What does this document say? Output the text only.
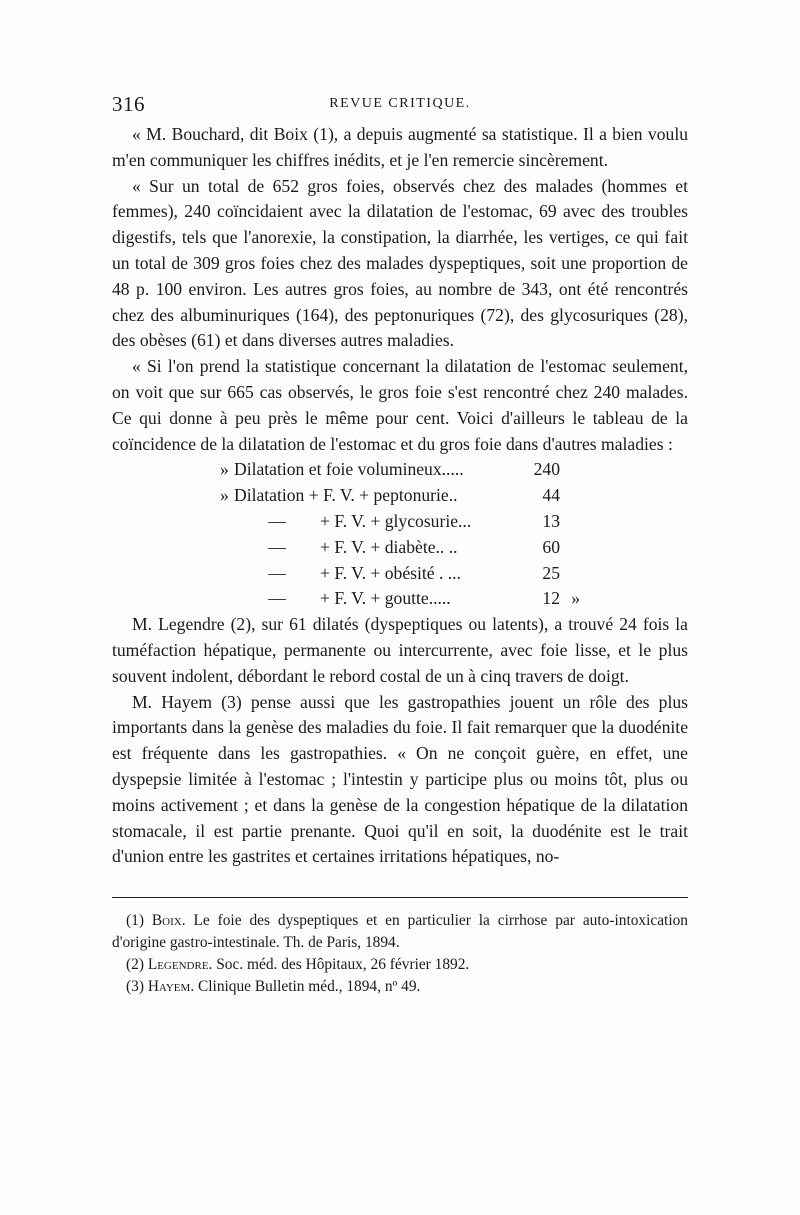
316	REVUE CRITIQUE.

« M. Bouchard, dit Boix (1), a depuis augmenté sa statistique. Il a bien voulu m'en communiquer les chiffres inédits, et je l'en remercie sincèrement.

« Sur un total de 652 gros foies, observés chez des malades (hommes et femmes), 240 coïncidaient avec la dilatation de l'estomac, 69 avec des troubles digestifs, tels que l'anorexie, la constipation, la diarrhée, les vertiges, ce qui fait un total de 309 gros foies chez des malades dyspeptiques, soit une proportion de 48 p. 100 environ. Les autres gros foies, au nombre de 343, ont été rencontrés chez des albuminuriques (164), des peptonuriques (72), des glycosuriques (28), des obèses (61) et dans diverses autres maladies.

« Si l'on prend la statistique concernant la dilatation de l'estomac seulement, on voit que sur 665 cas observés, le gros foie s'est rencontré chez 240 malades. Ce qui donne à peu près le même pour cent. Voici d'ailleurs le tableau de la coïncidence de la dilatation de l'estomac et du gros foie dans d'autres maladies :

» Dilatation et foie volumineux.....	240
» Dilatation + F. V. + peptonurie..	44
—	+ F. V. + glycosurie...	13
—	+ F. V. + diabète.. ..	60
—	+ F. V. + obésité . ...	25
—	+ F. V. + goutte.....	12 »

M. Legendre (2), sur 61 dilatés (dyspeptiques ou latents), a trouvé 24 fois la tuméfaction hépatique, permanente ou intercurrente, avec foie lisse, et le plus souvent indolent, débordant le rebord costal de un à cinq travers de doigt.

M. Hayem (3) pense aussi que les gastropathies jouent un rôle des plus importants dans la genèse des maladies du foie. Il fait remarquer que la duodénite est fréquente dans les gastropathies. « On ne conçoit guère, en effet, une dyspepsie limitée à l'estomac ; l'intestin y participe plus ou moins tôt, plus ou moins activement ; et dans la genèse de la congestion hépatique de la dilatation stomacale, il est partie prenante. Quoi qu'il en soit, la duodénite est le trait d'union entre les gastrites et certaines irritations hépatiques, no-

(1) Boix. Le foie des dyspeptiques et en particulier la cirrhose par auto-intoxication d'origine gastro-intestinale. Th. de Paris, 1894.

(2) Legendre. Soc. méd. des Hôpitaux, 26 février 1892.

(3) Hayem. Clinique Bulletin méd., 1894, nº 49.
